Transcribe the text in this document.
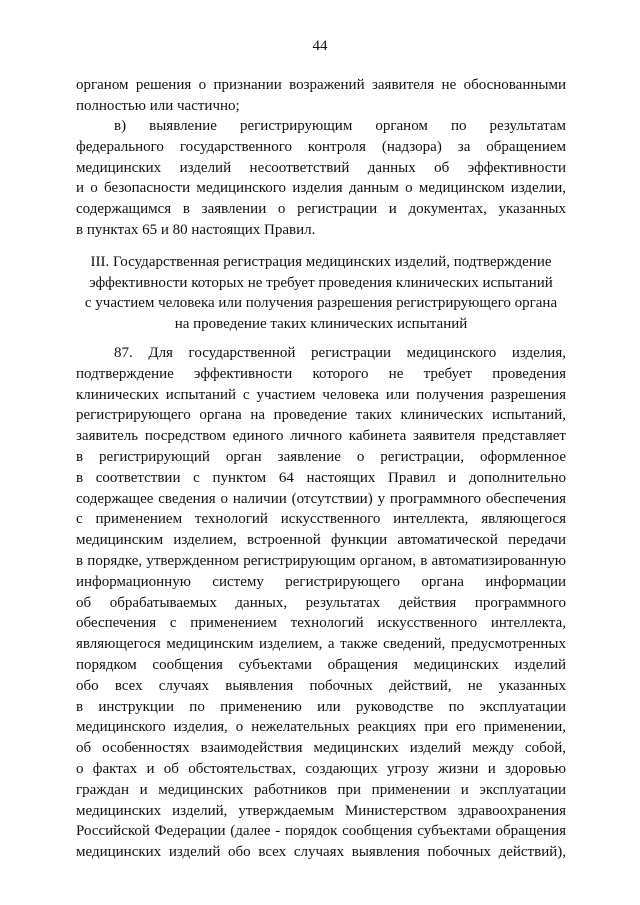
44

органом решения о признании возражений заявителя не обоснованными
полностью или частично;

в) выявление регистрирующим органом по результатам
федерального государственного контроля (надзора) за обращением
медицинских изделий несоответствий данных об эффективности
и о безопасности медицинского изделия данным о медицинском изделии,
содержащимся в заявлении о регистрации и документах, указанных
в пунктах 65 и 80 настоящих Правил.

III. Государственная регистрация медицинских изделий, подтверждение
эффективности которых не требует проведения клинических испытаний
с участием человека или получения разрешения регистрирующего органа
на проведение таких клинических испытаний

87. Для государственной регистрации медицинского изделия,
подтверждение эффективности которого не требует проведения
клинических испытаний с участием человека или получения разрешения
регистрирующего органа на проведение таких клинических испытаний,
заявитель посредством единого личного кабинета заявителя представляет
в регистрирующий орган заявление о регистрации, оформленное
в соответствии с пунктом 64 настоящих Правил и дополнительно
содержащее сведения о наличии (отсутствии) у программного обеспечения
с применением технологий искусственного интеллекта, являющегося
медицинским изделием, встроенной функции автоматической передачи
в порядке, утвержденном регистрирующим органом, в автоматизированную
информационную систему регистрирующего органа информации
об обрабатываемых данных, результатах действия программного
обеспечения с применением технологий искусственного интеллекта,
являющегося медицинским изделием, а также сведений, предусмотренных
порядком сообщения субъектами обращения медицинских изделий
обо всех случаях выявления побочных действий, не указанных
в инструкции по применению или руководстве по эксплуатации
медицинского изделия, о нежелательных реакциях при его применении,
об особенностях взаимодействия медицинских изделий между собой,
о фактах и об обстоятельствах, создающих угрозу жизни и здоровью
граждан и медицинских работников при применении и эксплуатации
медицинских изделий, утверждаемым Министерством здравоохранения
Российской Федерации (далее - порядок сообщения субъектами обращения
медицинских изделий обо всех случаях выявления побочных действий),
